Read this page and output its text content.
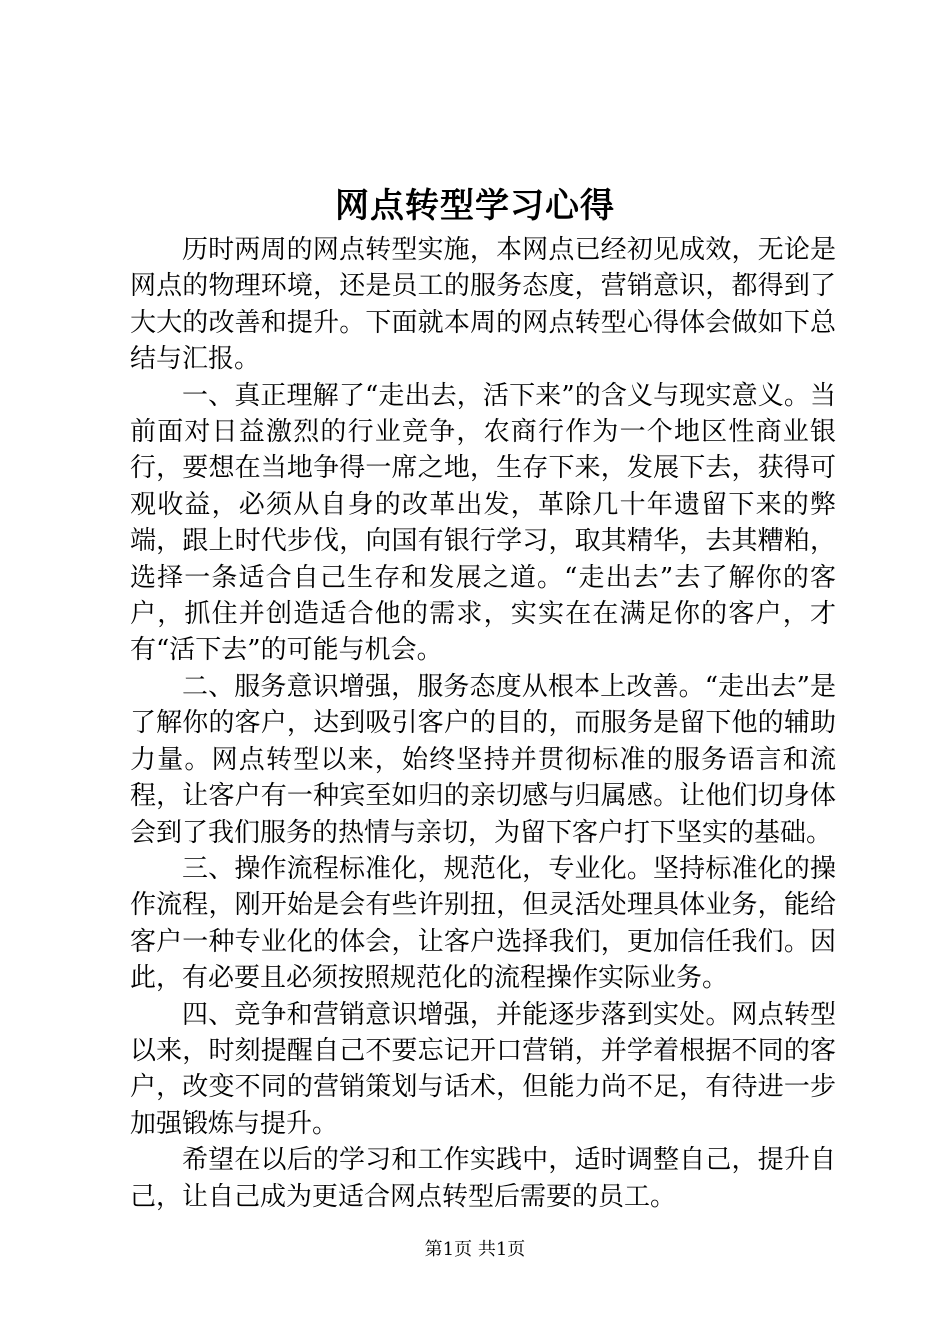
网点转型学习心得

历时两周的网点转型实施，本网点已经初见成效，无论是网点的物理环境，还是员工的服务态度，营销意识，都得到了大大的改善和提升。下面就本周的网点转型心得体会做如下总结与汇报。

一、真正理解了“走出去，活下来”的含义与现实意义。当前面对日益激烈的行业竞争，农商行作为一个地区性商业银行，要想在当地争得一席之地，生存下来，发展下去，获得可观收益，必须从自身的改革出发，革除几十年遗留下来的弊端，跟上时代步伐，向国有银行学习，取其精华，去其糟粕，选择一条适合自己生存和发展之道。“走出去”去了解你的客户，抓住并创造适合他的需求，实实在在满足你的客户，才有“活下去”的可能与机会。

二、服务意识增强，服务态度从根本上改善。“走出去”是了解你的客户，达到吸引客户的目的，而服务是留下他的辅助力量。网点转型以来，始终坚持并贯彻标准的服务语言和流程，让客户有一种宾至如归的亲切感与归属感。让他们切身体会到了我们服务的热情与亲切，为留下客户打下坚实的基础。

三、操作流程标准化，规范化，专业化。坚持标准化的操作流程，刚开始是会有些许别扭，但灵活处理具体业务，能给客户一种专业化的体会，让客户选择我们，更加信任我们。因此，有必要且必须按照规范化的流程操作实际业务。

四、竞争和营销意识增强，并能逐步落到实处。网点转型以来，时刻提醒自己不要忘记开口营销，并学着根据不同的客户，改变不同的营销策划与话术，但能力尚不足，有待进一步加强锻炼与提升。

希望在以后的学习和工作实践中，适时调整自己，提升自己，让自己成为更适合网点转型后需要的员工。

第1页 共1页
